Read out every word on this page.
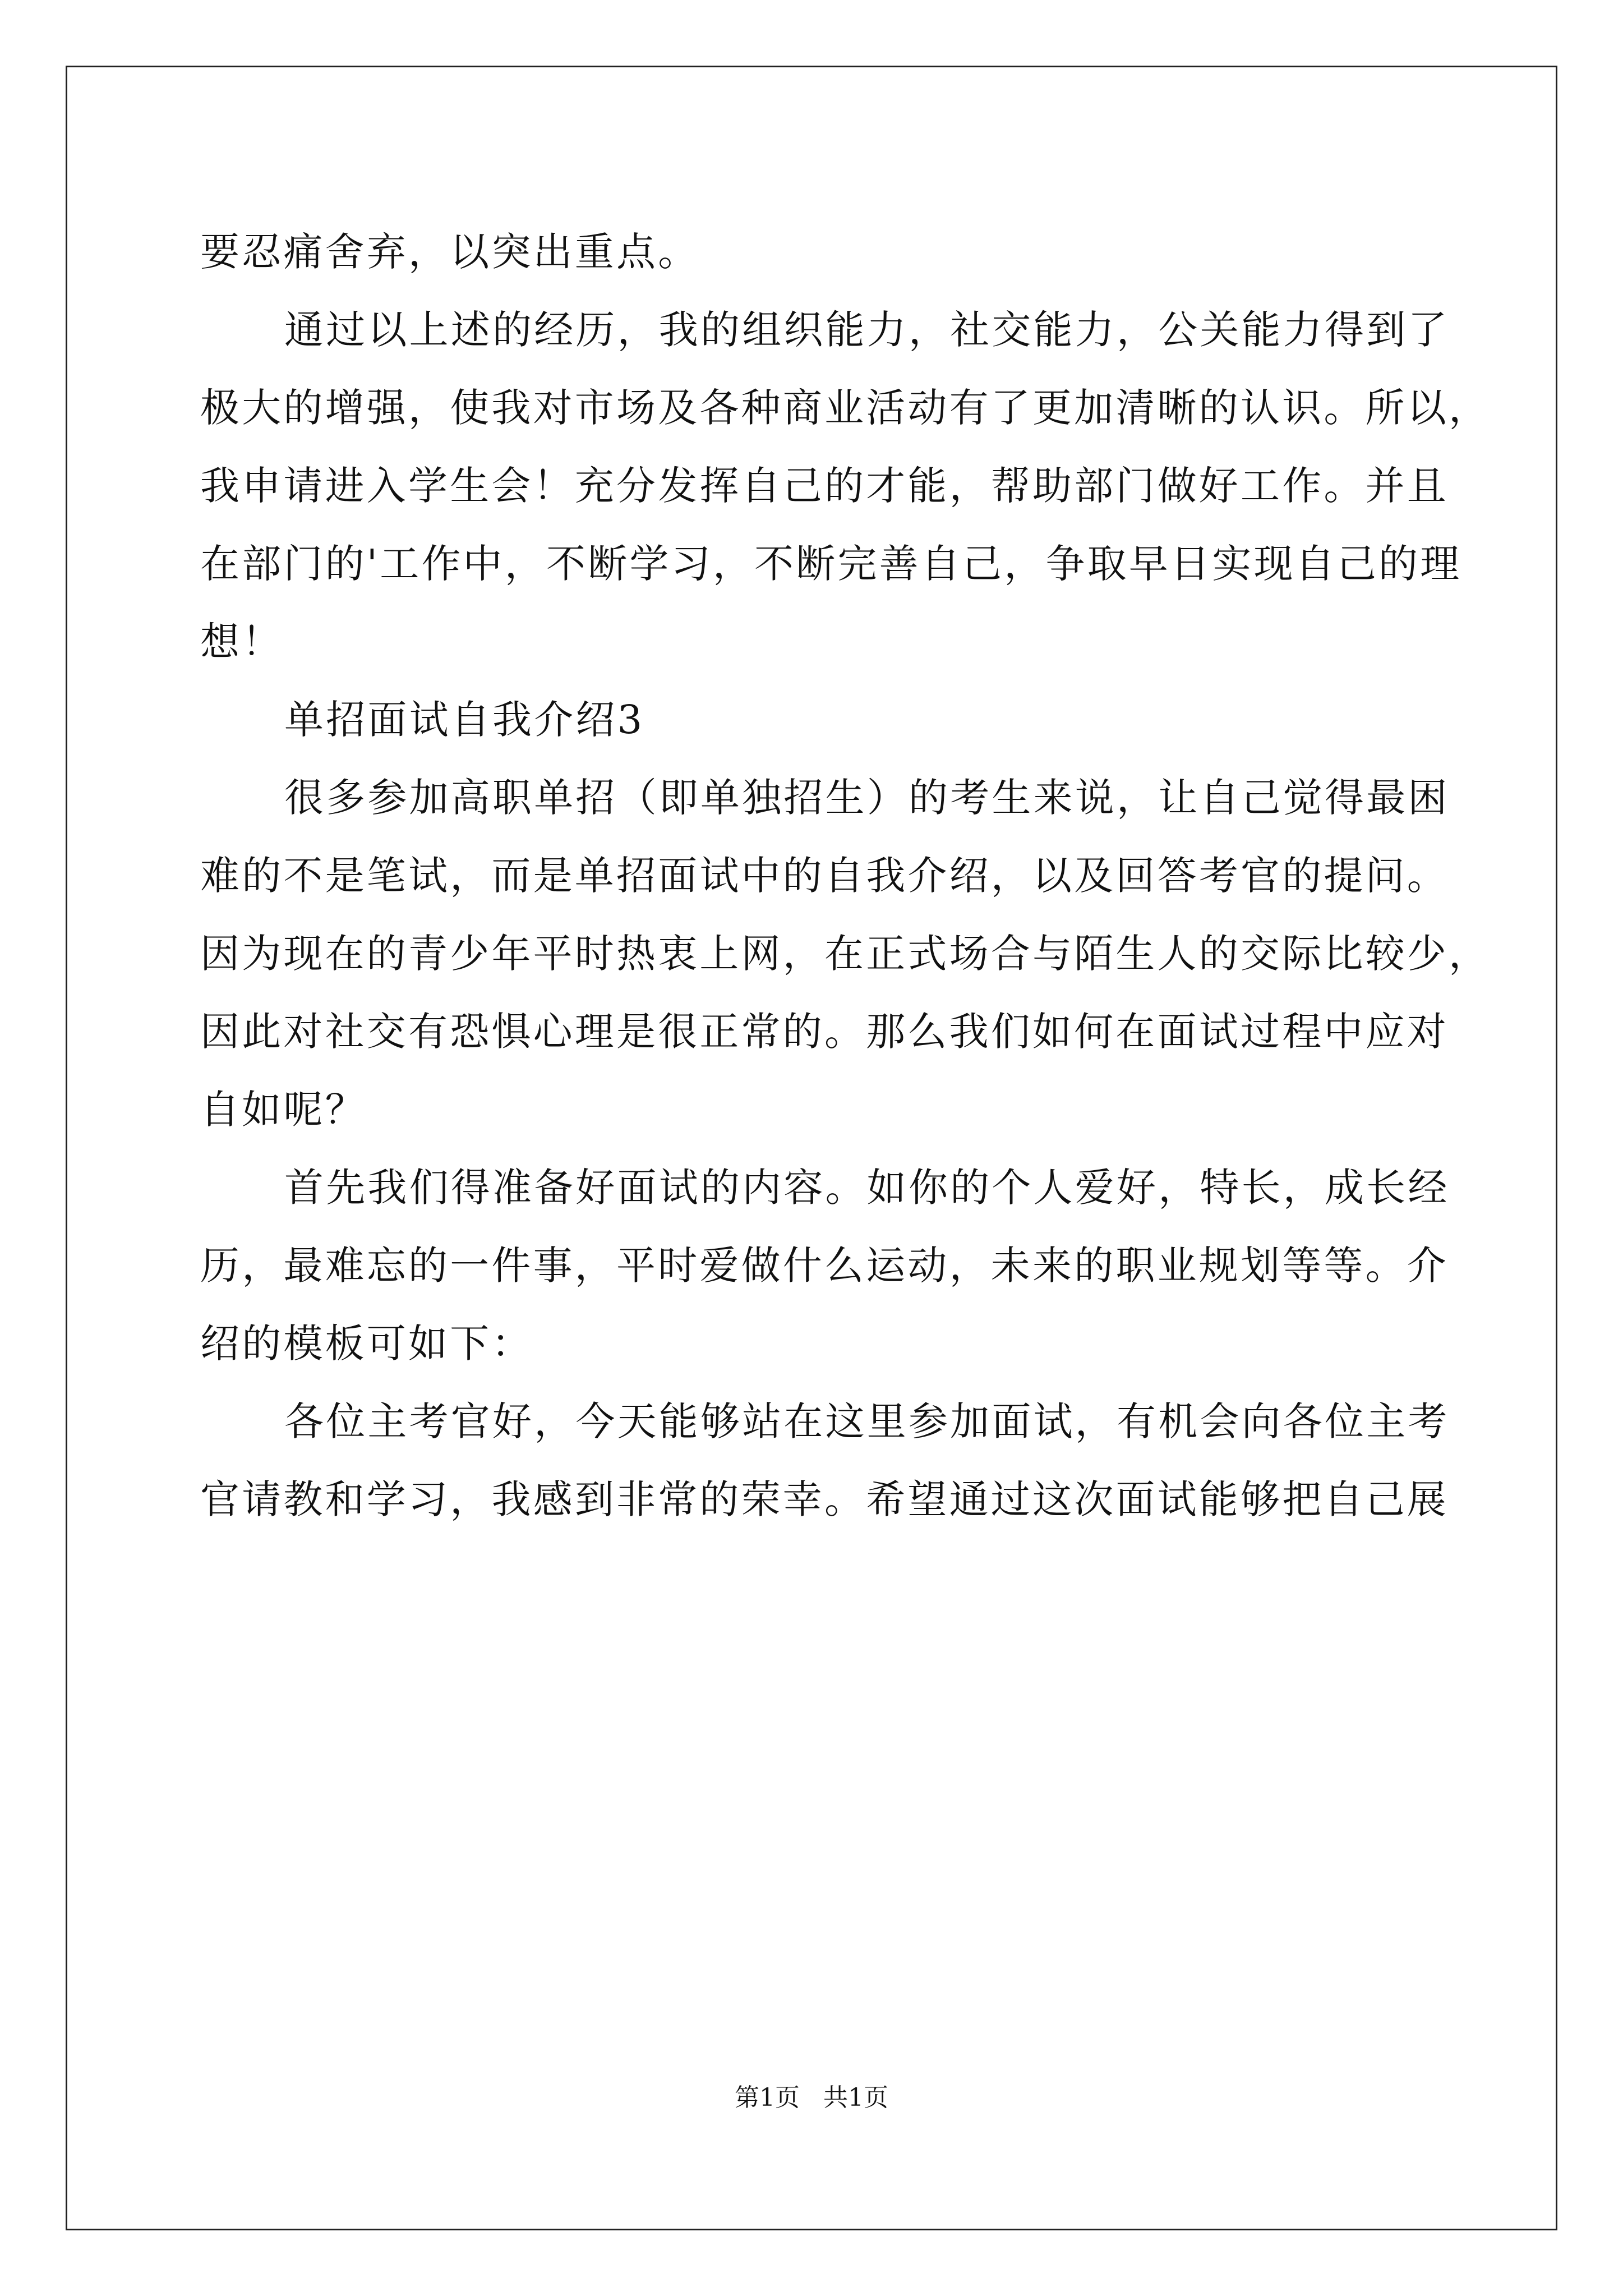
要忍痛舍弃，以突出重点。

通过以上述的经历，我的组织能力，社交能力，公关能力得到了
极大的增强，使我对市场及各种商业活动有了更加清晰的认识。所以，
我申请进入学生会！充分发挥自己的才能，帮助部门做好工作。并且
在部门的'工作中，不断学习，不断完善自己，争取早日实现自己的理
想！

单招面试自我介绍3

很多参加高职单招（即单独招生）的考生来说，让自己觉得最困
难的不是笔试，而是单招面试中的自我介绍，以及回答考官的提问。
因为现在的青少年平时热衷上网，在正式场合与陌生人的交际比较少，
因此对社交有恐惧心理是很正常的。那么我们如何在面试过程中应对
自如呢？

首先我们得准备好面试的内容。如你的个人爱好，特长，成长经
历，最难忘的一件事，平时爱做什么运动，未来的职业规划等等。介
绍的模板可如下：

各位主考官好，今天能够站在这里参加面试，有机会向各位主考
官请教和学习，我感到非常的荣幸。希望通过这次面试能够把自己展

第1页   共1页
